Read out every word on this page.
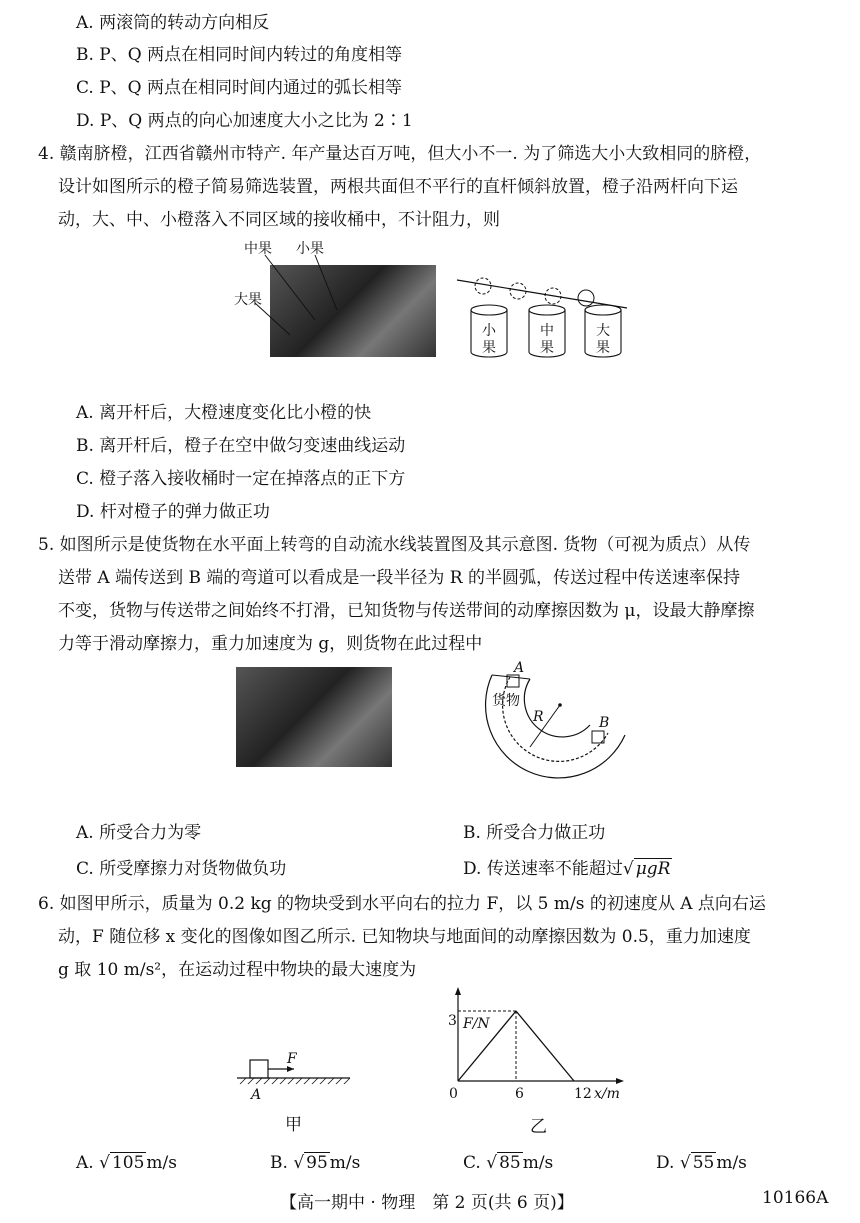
A. 两滚筒的转动方向相反
B. P、Q 两点在相同时间内转过的角度相等
C. P、Q 两点在相同时间内通过的弧长相等
D. P、Q 两点的向心加速度大小之比为 2∶1
4. 赣南脐橙，江西省赣州市特产. 年产量达百万吨，但大小不一. 为了筛选大小大致相同的脐橙，
设计如图所示的橙子简易筛选装置，两根共面但不平行的直杆倾斜放置，橙子沿两杆向下运
动，大、中、小橙落入不同区域的接收桶中，不计阻力，则
中果 小果
大果
小
果
中
果
大
果
A. 离开杆后，大橙速度变化比小橙的快
B. 离开杆后，橙子在空中做匀变速曲线运动
C. 橙子落入接收桶时一定在掉落点的正下方
D. 杆对橙子的弹力做正功
5. 如图所示是使货物在水平面上转弯的自动流水线装置图及其示意图. 货物（可视为质点）从传
送带 A 端传送到 B 端的弯道可以看成是一段半径为 R 的半圆弧，传送过程中传送速率保持
不变，货物与传送带之间始终不打滑，已知货物与传送带间的动摩擦因数为 μ，设最大静摩擦
力等于滑动摩擦力，重力加速度为 g，则货物在此过程中
A
B
R
货物
A. 所受合力为零	B. 所受合力做正功
C. 所受摩擦力对货物做负功	D. 传送速率不能超过√ μgR
6. 如图甲所示，质量为 0.2 kg 的物块受到水平向右的拉力 F，以 5 m/s 的初速度从 A 点向右运
动，F 随位移 x 变化的图像如图乙所示. 已知物块与地面间的动摩擦因数为 0.5，重力加速度
g 取 10 m/s²，在运动过程中物块的最大速度为
F
A
甲
F/N
x/m
0	6	12
3
乙
A. √ 105 m/s	B. √ 95 m/s	C. √ 85 m/s	D. √ 55 m/s
【高一期中 · 物理　第 2 页(共 6 页)】	10166A
